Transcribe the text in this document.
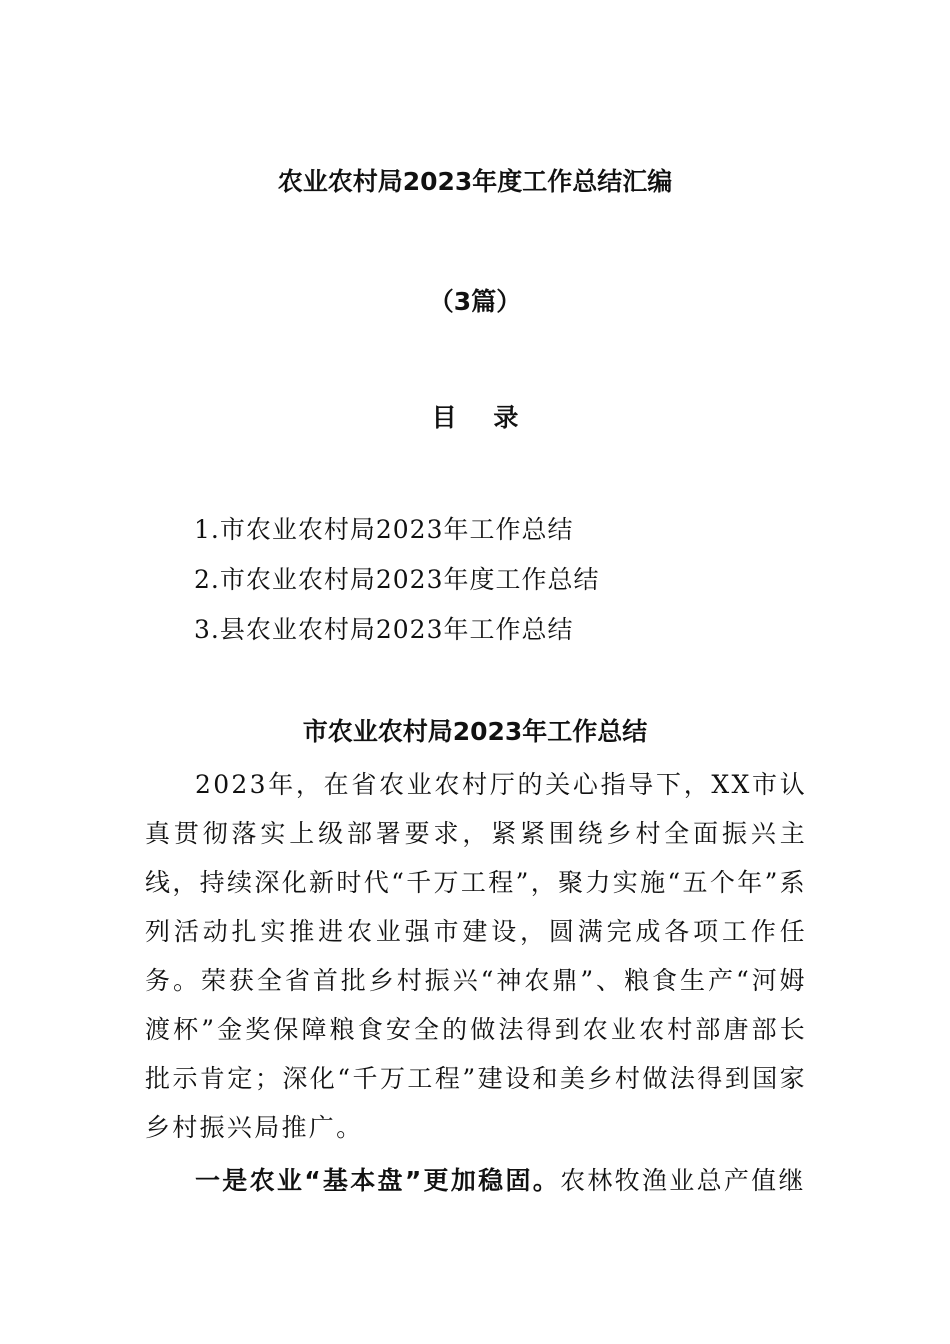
农业农村局2023年度工作总结汇编
（3篇）
目 录
1.市农业农村局2023年工作总结
2.市农业农村局2023年度工作总结
3.县农业农村局2023年工作总结
市农业农村局2023年工作总结

2023年，在省农业农村厅的关心指导下，XX市认真贯彻落实上级部署要求，紧紧围绕乡村全面振兴主线，持续深化新时代“千万工程”，聚力实施“五个年”系列活动扎实推进农业强市建设，圆满完成各项工作任务。荣获全省首批乡村振兴“神农鼎”、粮食生产“河姆渡杯”金奖保障粮食安全的做法得到农业农村部唐部长批示肯定；深化“千万工程”建设和美乡村做法得到国家乡村振兴局推广。

一是农业“基本盘”更加稳固。农林牧渔业总产值继
